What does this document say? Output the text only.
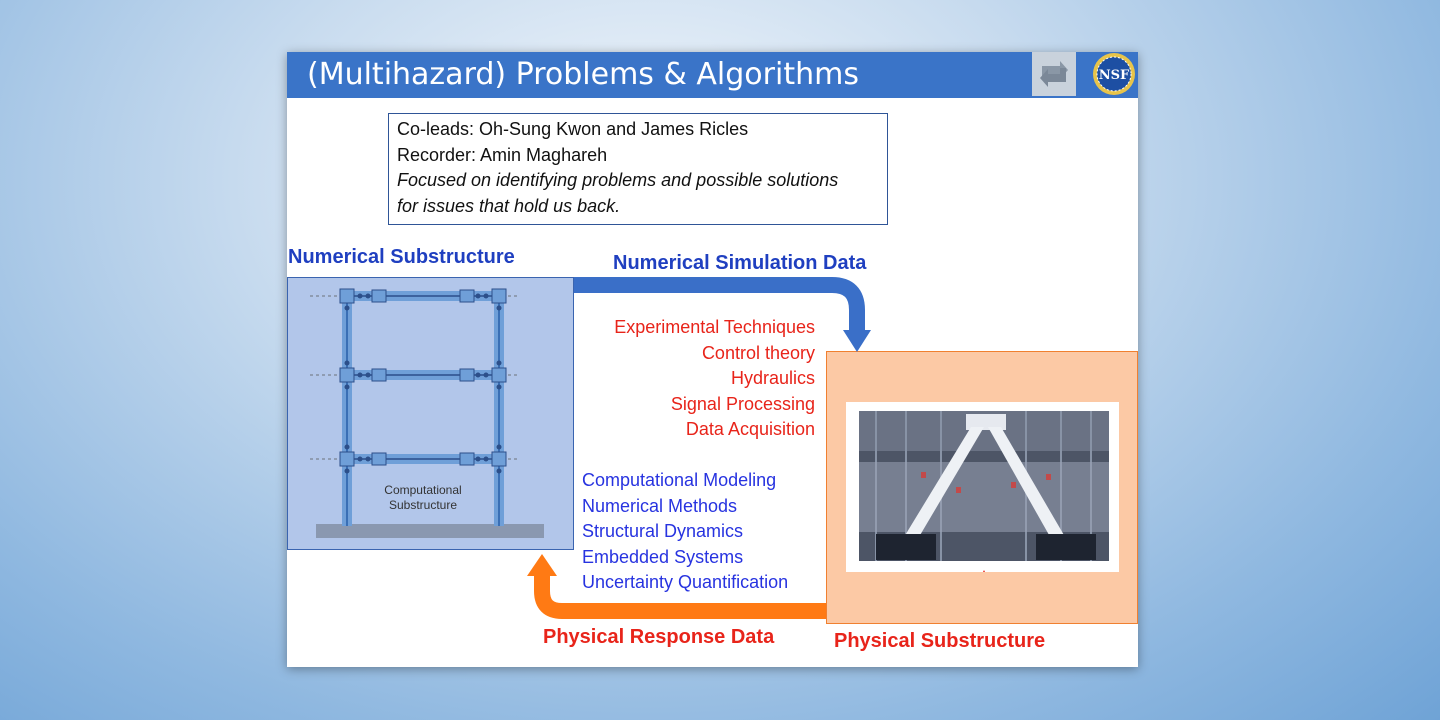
(Multihazard) Problems & Algorithms	NSF
Co-leads: Oh-Sung Kwon and James Ricles
Recorder: Amin Maghareh
Focused on identifying problems and possible solutions
for issues that hold us back.
Numerical Substructure	Numerical Simulation Data
Computational
Substructure
Experimental Techniques
Control theory
Hydraulics
Signal Processing
Data Acquisition
Computational Modeling
Numerical Methods
Structural Dynamics
Embedded Systems
Uncertainty Quantification
Physical Response Data	Physical Substructure
